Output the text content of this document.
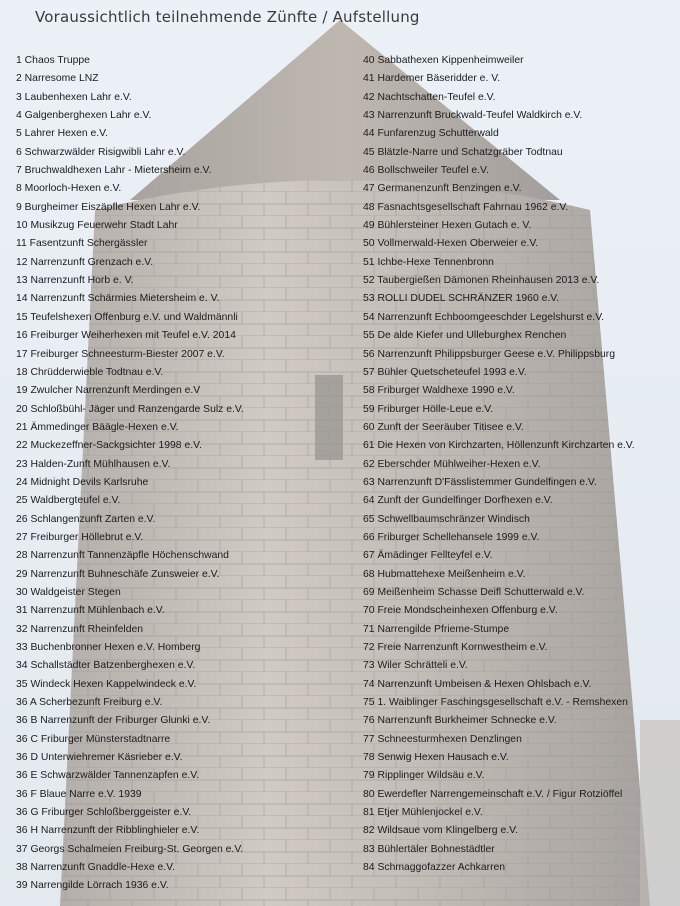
Voraussichtlich teilnehmende Zünfte / Aufstellung
1 Chaos Truppe
2 Narresome LNZ
3 Laubenhexen Lahr e.V.
4 Galgenberghexen Lahr e.V.
5 Lahrer Hexen e.V.
6 Schwarzwälder Risigwibli Lahr e.V.
7 Bruchwaldhexen Lahr - Mietersheim e.V.
8 Moorloch-Hexen e.V.
9 Burgheimer Eiszäpfle Hexen Lahr e.V.
10 Musikzug Feuerwehr Stadt Lahr
11 Fasentzunft Schergässler
12 Narrenzunft Grenzach e.V.
13 Narrenzunft Horb e. V.
14 Narrenzunft Schärmies Mietersheim e. V.
15 Teufelshexen Offenburg e.V. und Waldmännli
16 Freiburger Weiherhexen mit Teufel e.V. 2014
17 Freiburger Schneesturm-Biester 2007 e.V.
18 Chrüdderwieble Todtnau e.V.
19 Zwulcher Narrenzunft Merdingen e.V
20 Schloßbühl- Jäger und Ranzengarde Sulz e.V.
21 Ämmedinger Bäägle-Hexen e.V.
22 Muckezeffner-Sackgsichter 1998 e.V.
23 Halden-Zunft Mühlhausen e.V.
24 Midnight Devils Karlsruhe
25 Waldbergteufel e.V.
26 Schlangenzunft Zarten e.V.
27 Freiburger Höllebrut e.V.
28 Narrenzunft Tannenzäpfle Höchenschwand
29 Narrenzunft Buhneschäfe Zunsweier e.V.
30 Waldgeister Stegen
31 Narrenzunft Mühlenbach e.V.
32 Narrenzunft Rheinfelden
33 Buchenbronner Hexen e.V. Homberg
34 Schallstädter Batzenberghexen e.V.
35 Windeck Hexen Kappelwindeck e.V.
36 A Scherbezunft Freiburg e.V.
36 B Narrenzunft der Friburger Glunki e.V.
36 C Friburger Münsterstadtnarre
36 D Unterwiehremer Käsrieber e.V.
36 E Schwarzwälder Tannenzapfen e.V.
36 F Blaue Narre e.V. 1939
36 G Friburger Schloßberggeister e.V.
36 H Narrenzunft der Ribblinghieler e.V.
37 Georgs Schalmeien Freiburg-St. Georgen e.V.
38 Narrenzunft Gnaddle-Hexe e.V.
39 Narrengilde Lörrach 1936 e.V.
40 Sabbathexen Kippenheimweiler
41 Hardemer Bäseridder e. V.
42 Nachtschatten-Teufel e.V.
43 Narrenzunft Bruckwald-Teufel Waldkirch e.V.
44 Funfarenzug Schutterwald
45 Blätzle-Narre und Schatzgräber Todtnau
46 Bollschweiler Teufel e.V.
47 Germanenzunft Benzingen e.V.
48 Fasnachtsgesellschaft Fahrnau 1962 e.V.
49 Bühlersteiner Hexen Gutach e. V.
50 Vollmerwald-Hexen Oberweier e.V.
51 Ichbe-Hexe Tennenbronn
52 Taubergießen Dämonen Rheinhausen 2013 e.V.
53 ROLLI DUDEL SCHRÄNZER 1960 e.V.
54 Narrenzunft Echboomgeeschder Legelshurst e.V.
55 De alde Kiefer und Ulleburghex Renchen
56 Narrenzunft Philippsburger Geese e.V. Philippsburg
57 Bühler Quetscheteufel 1993 e.V.
58 Friburger Waldhexe 1990 e.V.
59 Friburger Hölle-Leue e.V.
60 Zunft der Seeräuber Titisee e.V.
61 Die Hexen von Kirchzarten, Höllenzunft Kirchzarten e.V.
62 Eberschder Mühlweiher-Hexen e.V.
63 Narrenzunft D'Fässlistemmer Gundelfingen e.V.
64 Zunft der Gundelfinger Dorfhexen e.V.
65 Schwellbaumschränzer Windisch
66 Friburger Schellehansele 1999 e.V.
67 Ämädinger Fellteyfel e.V.
68 Hubmattehexe Meißenheim e.V.
69 Meißenheim Schasse Deifl Schutterwald e.V.
70 Freie Mondscheinhexen Offenburg e.V.
71 Narrengilde Pfrieme-Stumpe
72 Freie Narrenzunft Kornwestheim e.V.
73 Wiler Schrätteli e.V.
74 Narrenzunft Umbeisen & Hexen Ohlsbach e.V.
75 1. Waiblinger Faschingsgesellschaft e.V. - Remshexen
76 Narrenzunft Burkheimer Schnecke e.V.
77 Schneesturmhexen Denzlingen
78 Senwig Hexen Hausach e.V.
79 Ripplinger Wildsäu e.V.
80 Ewerdefler Narrengemeinschaft e.V. / Figur Rotziöffel
81 Etjer Mühlenjockel e.V.
82 Wildsaue vom Klingelberg e.V.
83 Bühlertäler Bohnestädtler
84 Schmaggofazzer Achkarren
